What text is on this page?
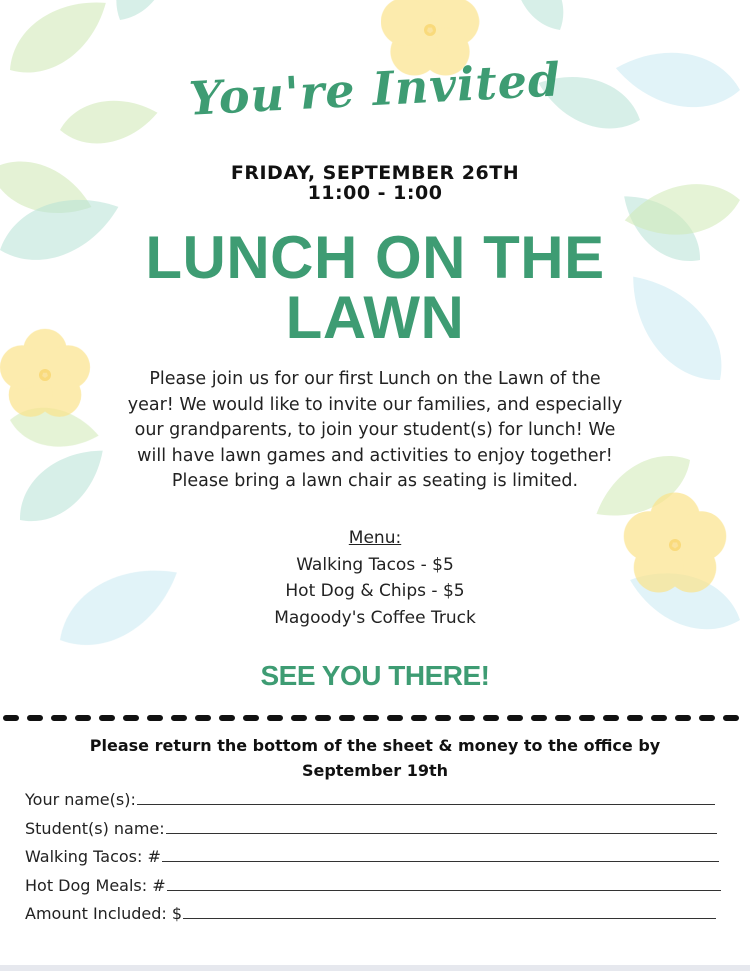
You're Invited
FRIDAY, SEPTEMBER 26TH
11:00 - 1:00
LUNCH ON THE
LAWN

Please join us for our first Lunch on the Lawn of the

year! We would like to invite our families, and especially

our grandparents, to join your student(s) for lunch! We

will have lawn games and activities to enjoy together!

Please bring a lawn chair as seating is limited.

Menu:
Walking Tacos - $5
Hot Dog & Chips - $5
Magoody's Coffee Truck
SEE YOU THERE!
Please return the bottom of the sheet & money to the office by
September 19th
Your name(s):
Student(s) name:
Walking Tacos: #
Hot Dog Meals: #
Amount Included: $
